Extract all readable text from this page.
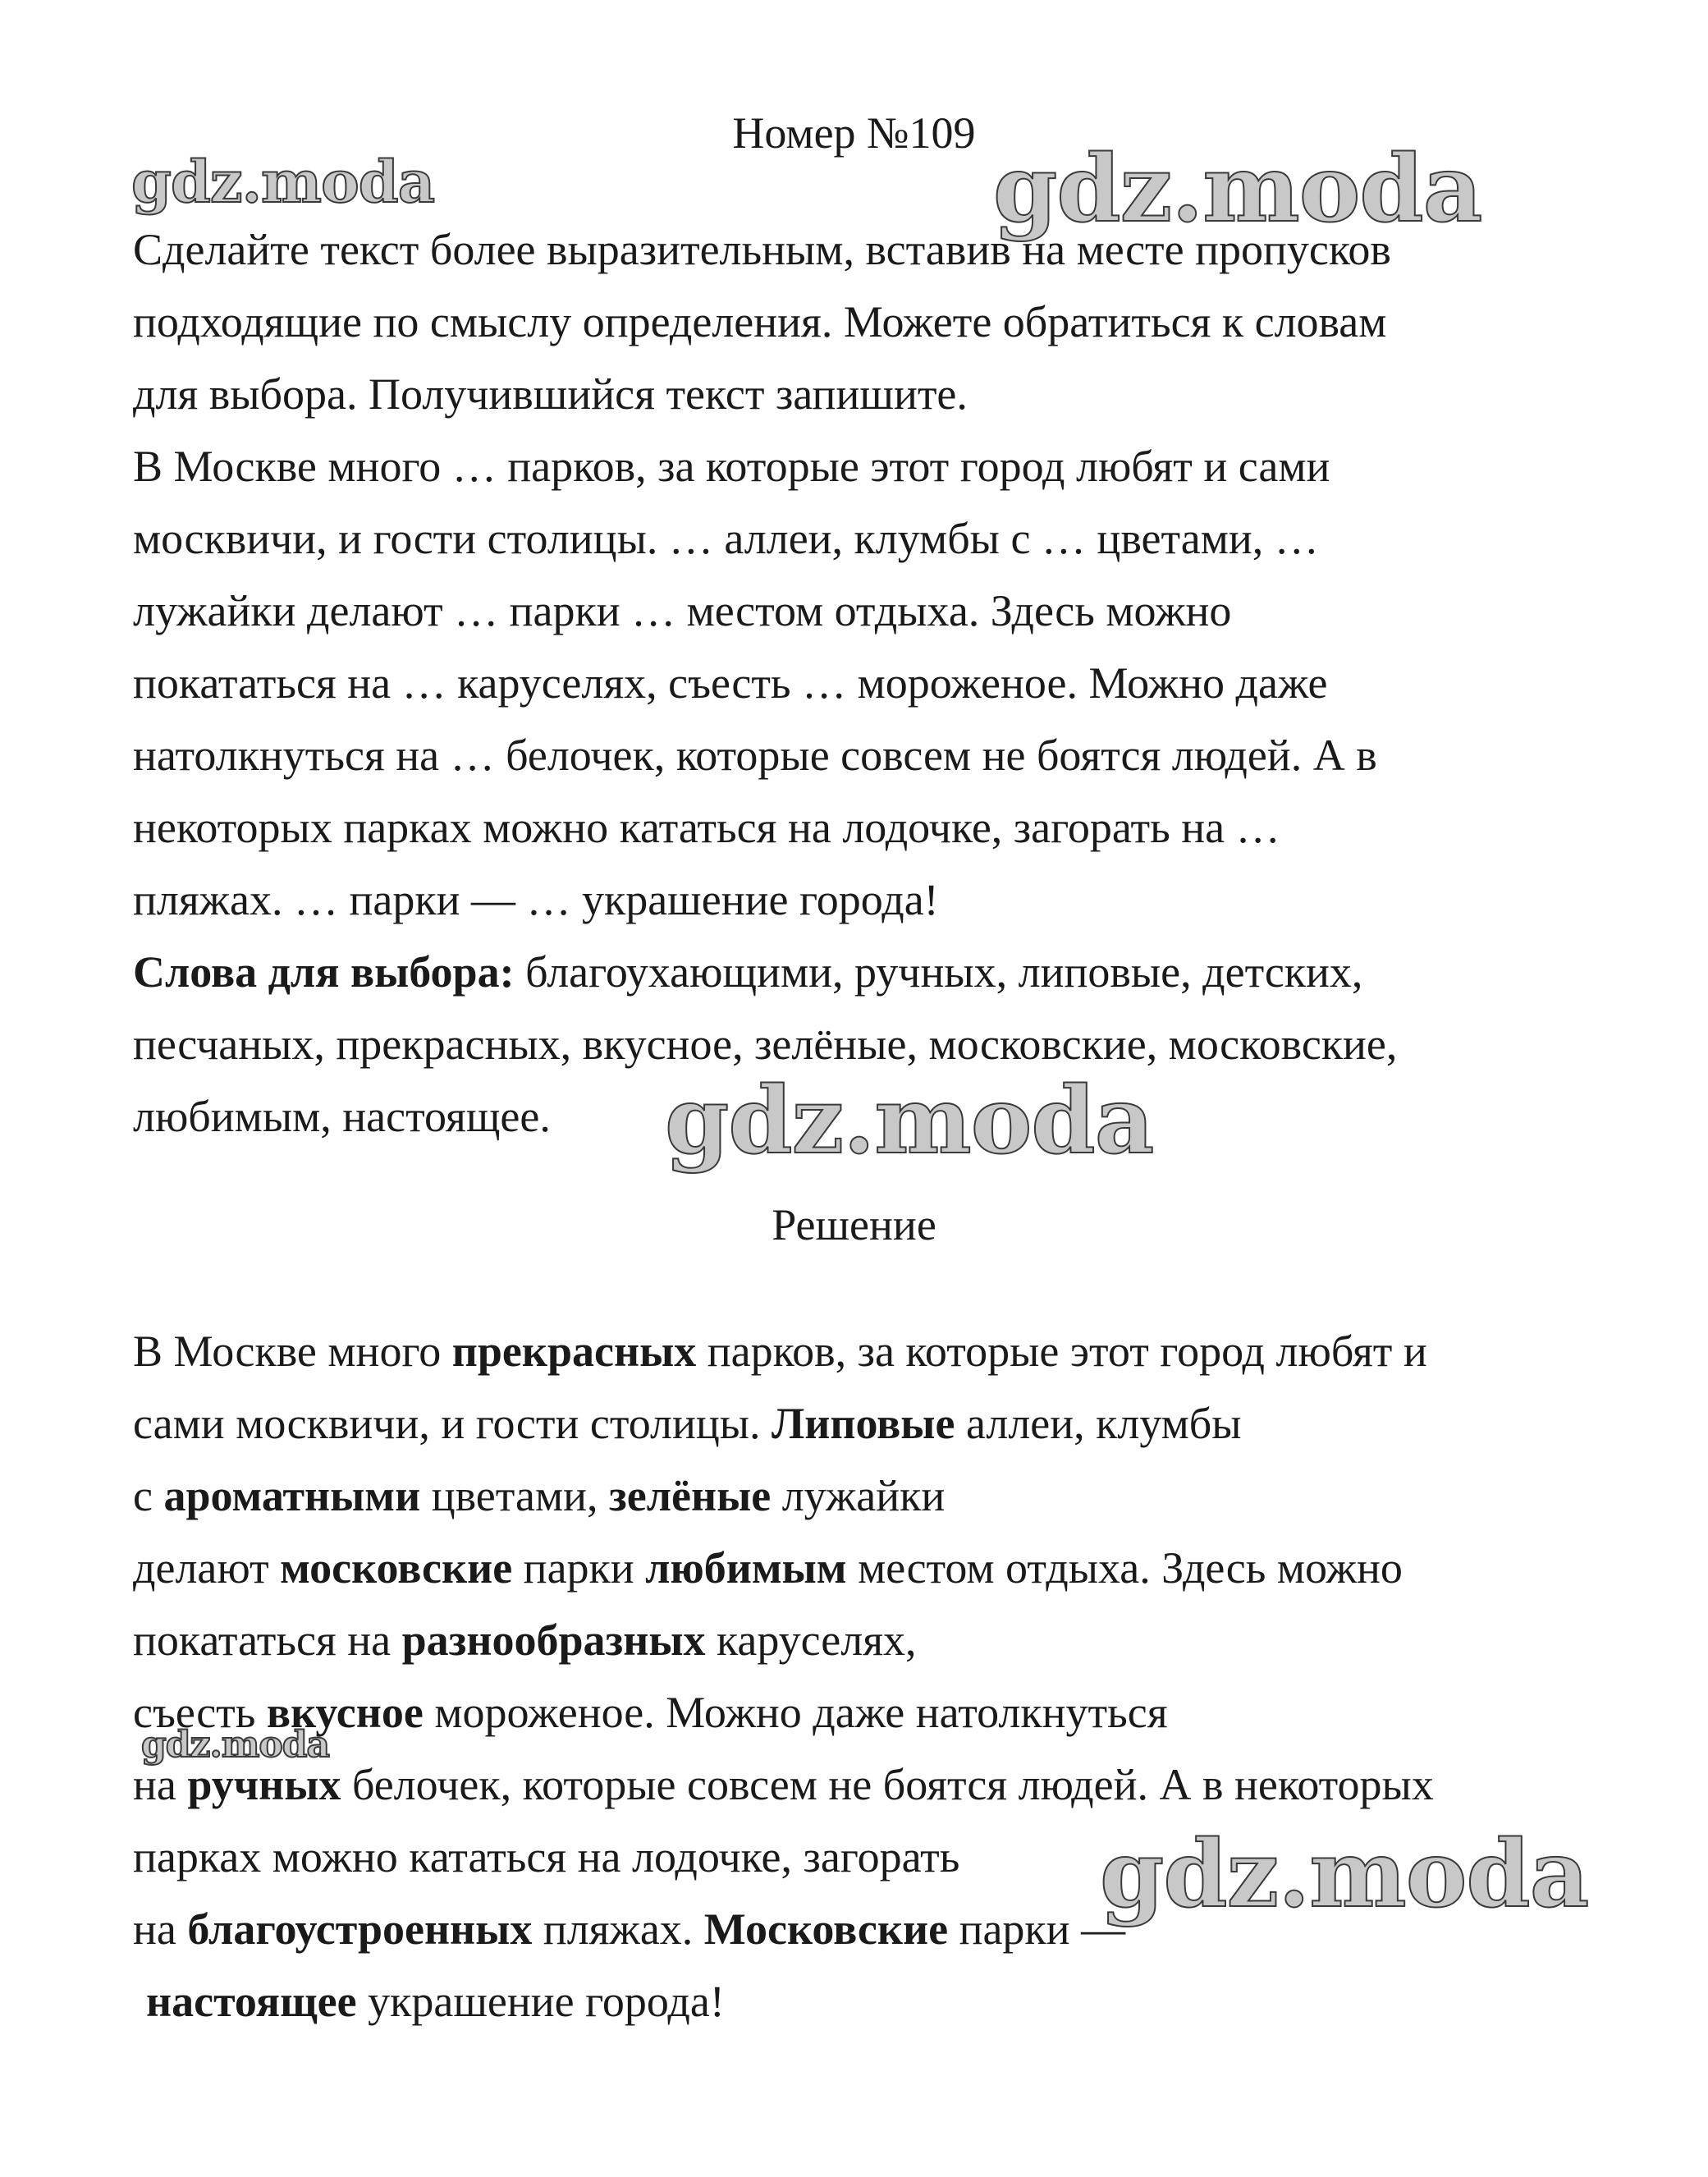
Номер №109
gdz.moda	gdz.moda
gdz.moda
gdz.moda
gdz.moda
Сделайте текст более выразительным, вставив на месте пропусков
подходящие по смыслу определения. Можете обратиться к словам
для выбора. Получившийся текст запишите.
В Москве много … парков, за которые этот город любят и сами
москвичи, и гости столицы. … аллеи, клумбы с … цветами, …
лужайки делают … парки … местом отдыха. Здесь можно
покататься на … каруселях, съесть … мороженое. Можно даже
натолкнуться на … белочек, которые совсем не боятся людей. А в
некоторых парках можно кататься на лодочке, загорать на …
пляжах. … парки — … украшение города!
Слова для выбора: благоухающими, ручных, липовые, детских,
песчаных, прекрасных, вкусное, зелёные, московские, московские,
любимым, настоящее.
Решение
В Москве много прекрасных парков, за которые этот город любят и
сами москвичи, и гости столицы. Липовые аллеи, клумбы
с ароматными цветами, зелёные лужайки
делают московские парки любимым местом отдыха. Здесь можно
покататься на разнообразных каруселях,
съесть вкусное мороженое. Можно даже натолкнуться
на ручных белочек, которые совсем не боятся людей. А в некоторых
парках можно кататься на лодочке, загорать
на благоустроенных пляжах. Московские парки —
настоящее украшение города!
